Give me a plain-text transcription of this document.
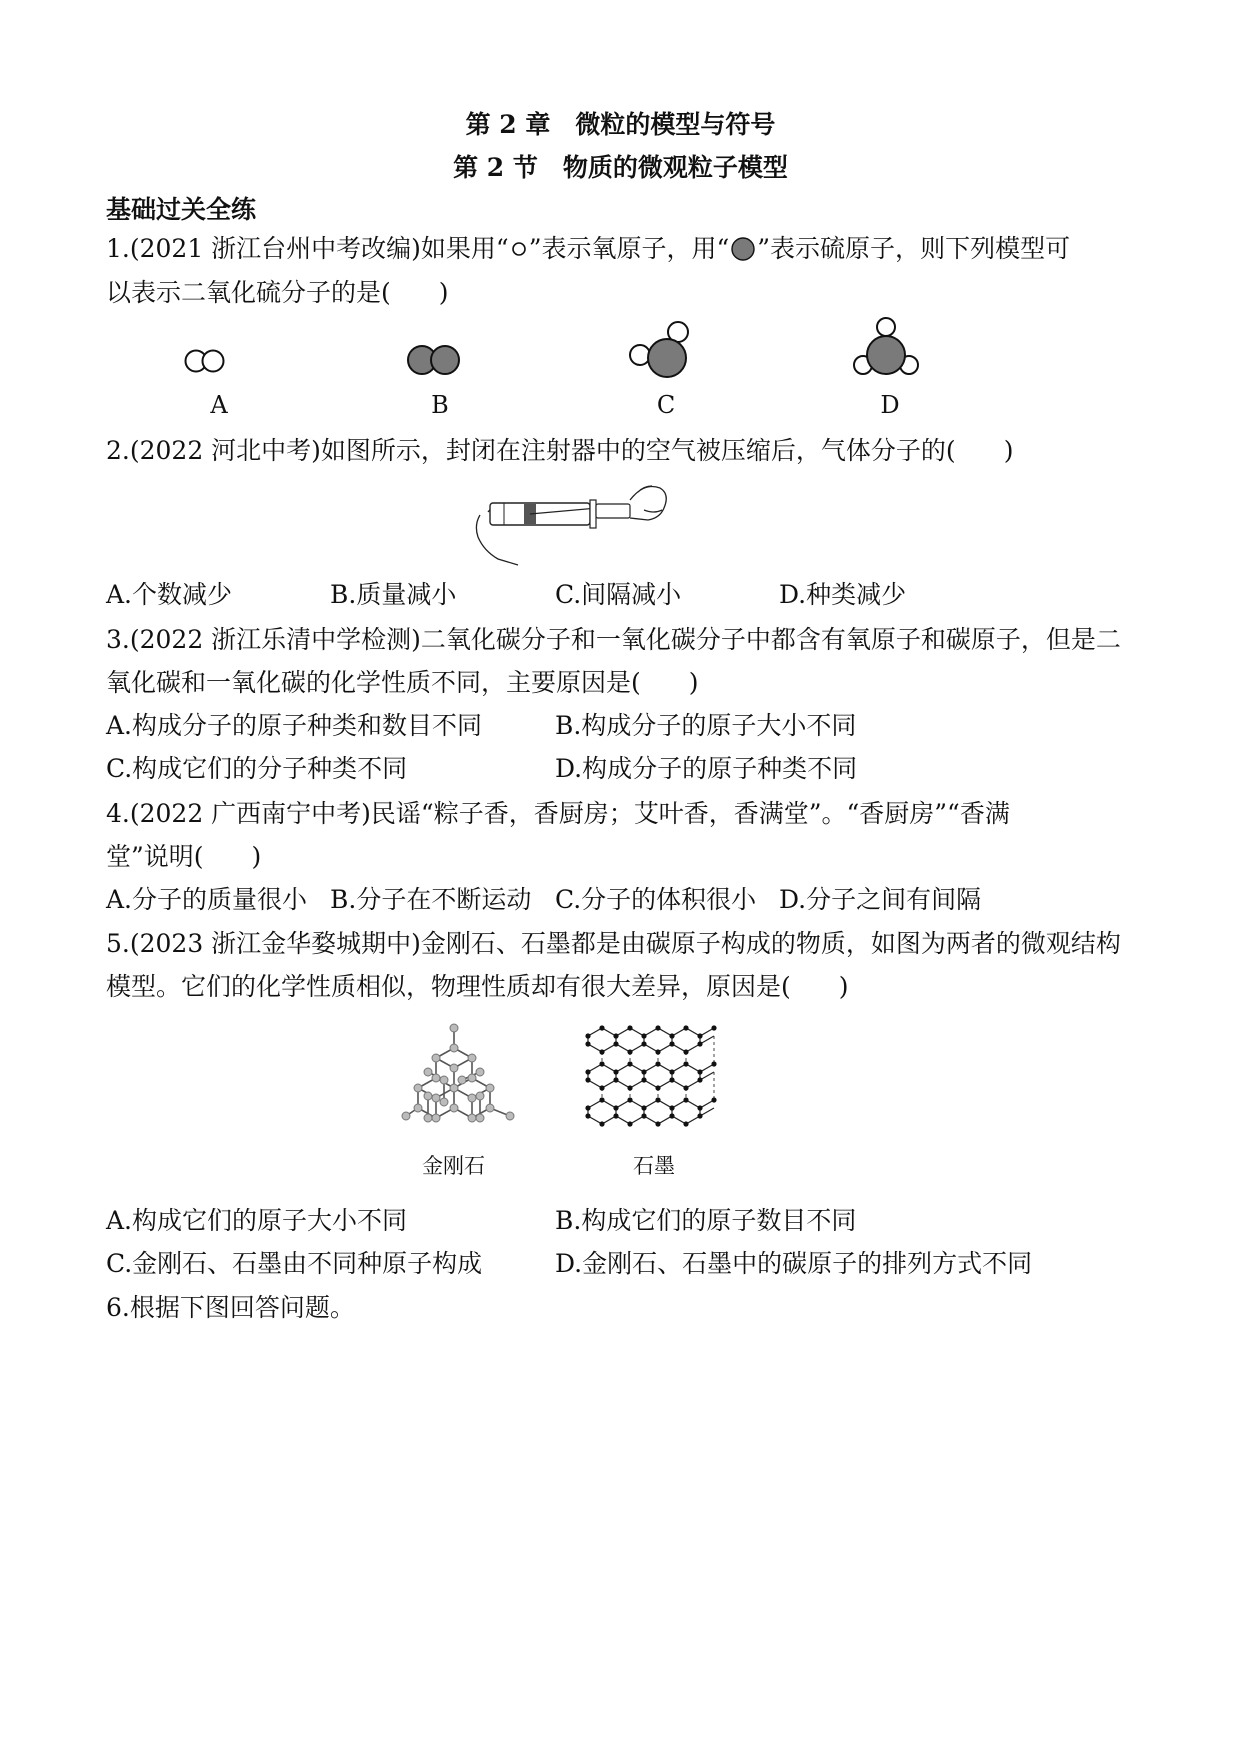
第 2 章　微粒的模型与符号
第 2 节　物质的微观粒子模型
基础过关全练
1.(2021 浙江台州中考改编)如果用“ ”表示氧原子，用“ ”表示硫原子，则下列模型可
以表示二氧化硫分子的是( )
A	B	C	D
2.(2022 河北中考)如图所示，封闭在注射器中的空气被压缩后，气体分子的( )
A.个数减少	B.质量减小	C.间隔减小	D.种类减少
3.(2022 浙江乐清中学检测)二氧化碳分子和一氧化碳分子中都含有氧原子和碳原子，但是二
氧化碳和一氧化碳的化学性质不同，主要原因是( )
A.构成分子的原子种类和数目不同	B.构成分子的原子大小不同
C.构成它们的分子种类不同	D.构成分子的原子种类不同
4.(2022 广西南宁中考)民谣“粽子香，香厨房；艾叶香，香满堂”。“香厨房”“香满
堂”说明( )
A.分子的质量很小 B.分子在不断运动 C.分子的体积很小 D.分子之间有间隔
5.(2023 浙江金华婺城期中)金刚石、石墨都是由碳原子构成的物质，如图为两者的微观结构
模型。它们的化学性质相似，物理性质却有很大差异，原因是( )
金刚石	石墨
A.构成它们的原子大小不同	B.构成它们的原子数目不同
C.金刚石、石墨由不同种原子构成	D.金刚石、石墨中的碳原子的排列方式不同
6.根据下图回答问题。
